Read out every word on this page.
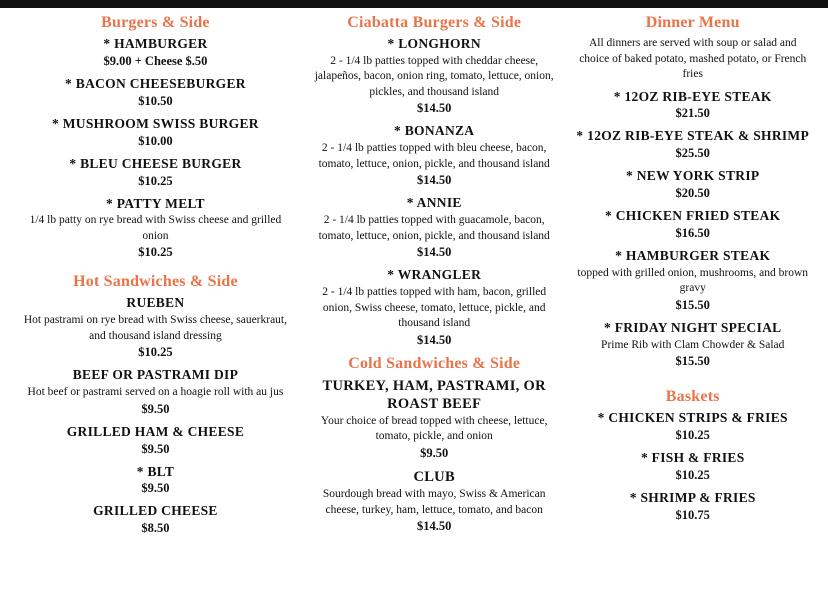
Burgers & Side
* HAMBURGER
$9.00 + Cheese $.50
* BACON CHEESEBURGER
$10.50
* MUSHROOM SWISS BURGER
$10.00
* BLEU CHEESE BURGER
$10.25
* PATTY MELT
1/4 lb patty on rye bread with Swiss cheese and grilled onion
$10.25
Hot Sandwiches & Side
RUEBEN
Hot pastrami on rye bread with Swiss cheese, sauerkraut, and thousand island dressing
$10.25
BEEF OR PASTRAMI DIP
Hot beef or pastrami served on a hoagie roll with au jus
$9.50
GRILLED HAM & CHEESE
$9.50
* BLT
$9.50
GRILLED CHEESE
$8.50
Ciabatta Burgers & Side
* LONGHORN
2 - 1/4 lb patties topped with cheddar cheese, jalapeños, bacon, onion ring, tomato, lettuce, onion, pickles, and thousand island
$14.50
* BONANZA
2 - 1/4 lb patties topped with bleu cheese, bacon, tomato, lettuce, onion, pickle, and thousand island
$14.50
* ANNIE
2 - 1/4 lb patties topped with guacamole, bacon, tomato, lettuce, onion, pickle, and thousand island
$14.50
* WRANGLER
2 - 1/4 lb patties topped with ham, bacon, grilled onion, Swiss cheese, tomato, lettuce, pickle, and thousand island
$14.50
Cold Sandwiches & Side
TURKEY, HAM, PASTRAMI, OR ROAST BEEF
Your choice of bread topped with cheese, lettuce, tomato, pickle, and onion
$9.50
CLUB
Sourdough bread with mayo, Swiss & American cheese, turkey, ham, lettuce, tomato, and bacon
$14.50
Dinner Menu
All dinners are served with soup or salad and choice of baked potato, mashed potato, or French fries
* 12OZ RIB-EYE STEAK
$21.50
* 12OZ RIB-EYE STEAK & SHRIMP
$25.50
* NEW YORK STRIP
$20.50
* CHICKEN FRIED STEAK
$16.50
* HAMBURGER STEAK
topped with grilled onion, mushrooms, and brown gravy
$15.50
* FRIDAY NIGHT SPECIAL
Prime Rib with Clam Chowder & Salad
$15.50
Baskets
* CHICKEN STRIPS & FRIES
$10.25
* FISH & FRIES
$10.25
* SHRIMP & FRIES
$10.75
